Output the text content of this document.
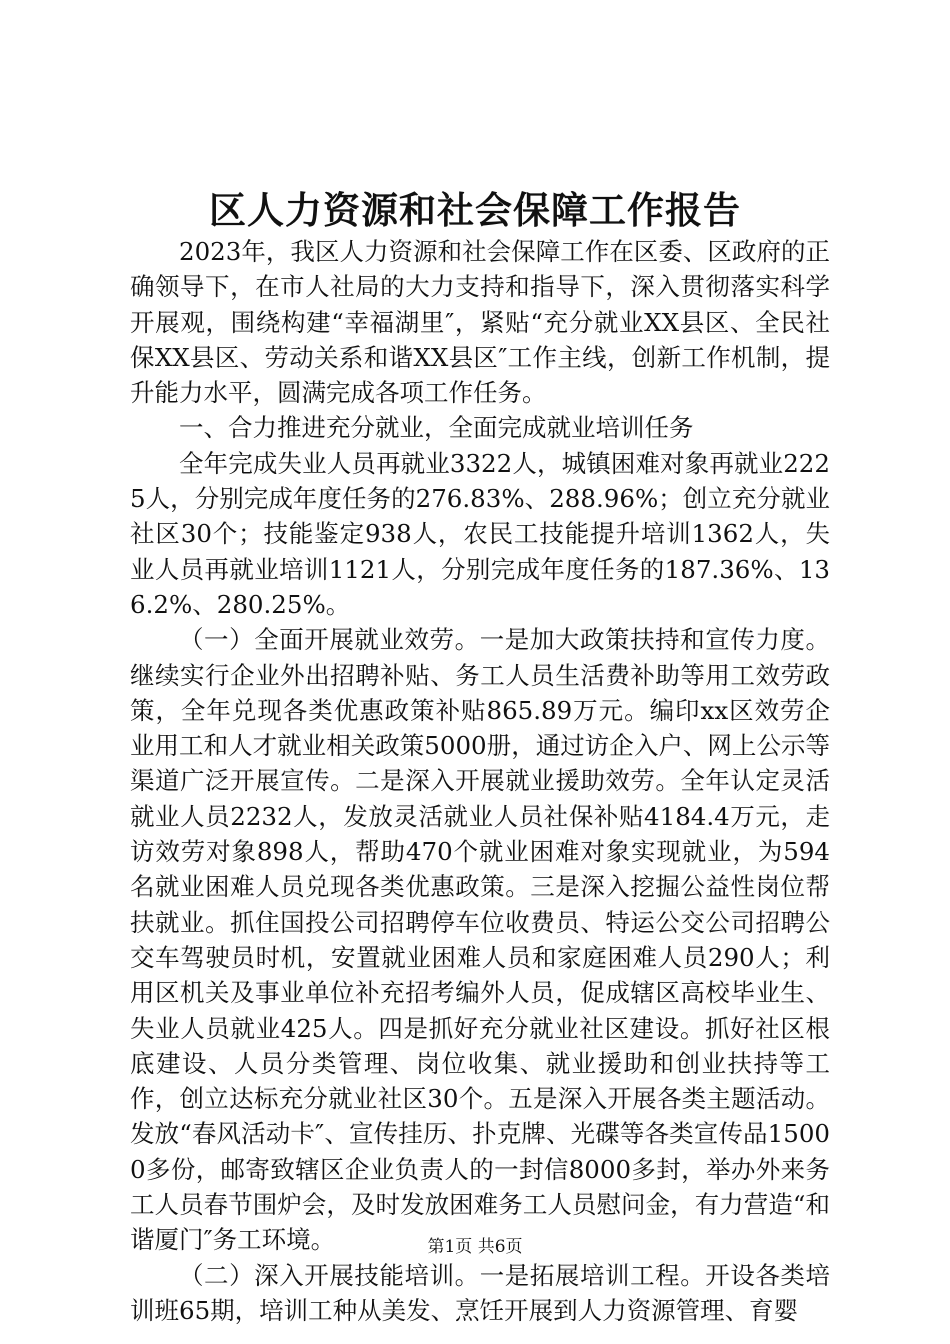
区人力资源和社会保障工作报告

2023年，我区人力资源和社会保障工作在区委、区政府的正确领导下，在市人社局的大力支持和指导下，深入贯彻落实科学开展观，围绕构建“幸福湖里″，紧贴“充分就业XX县区、全民社保XX县区、劳动关系和谐XX县区″工作主线，创新工作机制，提升能力水平，圆满完成各项工作任务。

一、合力推进充分就业，全面完成就业培训任务

全年完成失业人员再就业3322人，城镇困难对象再就业2225人，分别完成年度任务的276.83%、288.96%；创立充分就业社区30个；技能鉴定938人，农民工技能提升培训1362人，失业人员再就业培训1121人，分别完成年度任务的187.36%、136.2%、280.25%。

（一）全面开展就业效劳。一是加大政策扶持和宣传力度。继续实行企业外出招聘补贴、务工人员生活费补助等用工效劳政策，全年兑现各类优惠政策补贴865.89万元。编印xx区效劳企业用工和人才就业相关政策5000册，通过访企入户、网上公示等渠道广泛开展宣传。二是深入开展就业援助效劳。全年认定灵活就业人员2232人，发放灵活就业人员社保补贴4184.4万元，走访效劳对象898人，帮助470个就业困难对象实现就业，为594名就业困难人员兑现各类优惠政策。三是深入挖掘公益性岗位帮扶就业。抓住国投公司招聘停车位收费员、特运公交公司招聘公交车驾驶员时机，安置就业困难人员和家庭困难人员290人；利用区机关及事业单位补充招考编外人员，促成辖区高校毕业生、失业人员就业425人。四是抓好充分就业社区建设。抓好社区根底建设、人员分类管理、岗位收集、就业援助和创业扶持等工作，创立达标充分就业社区30个。五是深入开展各类主题活动。发放“春风活动卡″、宣传挂历、扑克牌、光碟等各类宣传品15000多份，邮寄致辖区企业负责人的一封信8000多封，举办外来务工人员春节围炉会，及时发放困难务工人员慰问金，有力营造“和谐厦门″务工环境。

（二）深入开展技能培训。一是拓展培训工程。开设各类培训班65期，培训工种从美发、烹饪开展到人力资源管理、育婴

第1页 共6页
